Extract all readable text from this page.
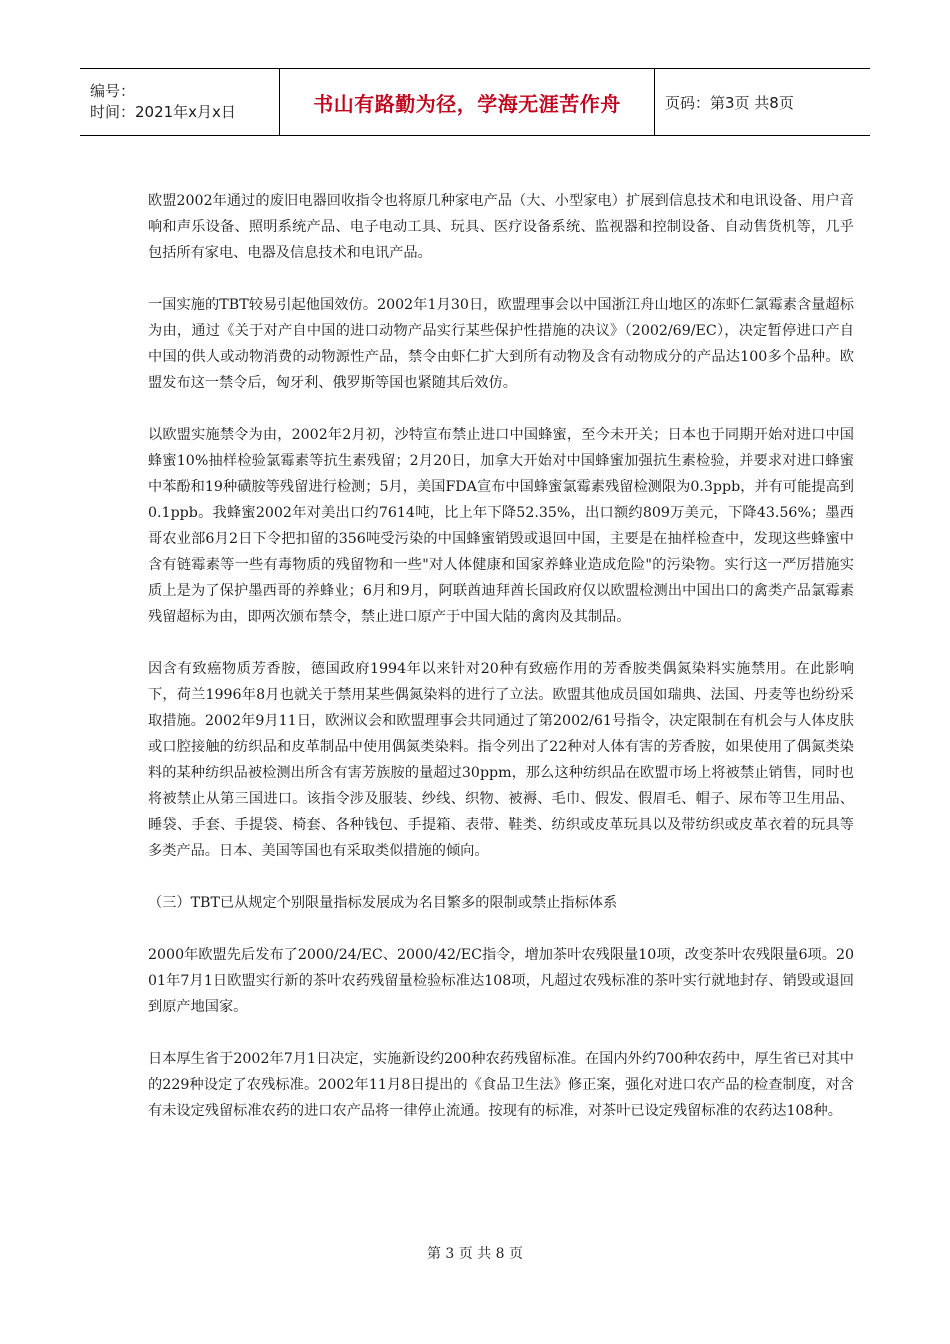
编号：
时间：2021年x月x日	书山有路勤为径，学海无涯苦作舟	页码：第3页 共8页

欧盟2002年通过的废旧电器回收指令也将原几种家电产品（大、小型家电）扩展到信息技术和电讯设备、用户音响和声乐设备、照明系统产品、电子电动工具、玩具、医疗设备系统、监视器和控制设备、自动售货机等，几乎包括所有家电、电器及信息技术和电讯产品。

一国实施的TBT较易引起他国效仿。2002年1月30日，欧盟理事会以中国浙江舟山地区的冻虾仁氯霉素含量超标为由，通过《关于对产自中国的进口动物产品实行某些保护性措施的决议》（2002/69/EC），决定暂停进口产自中国的供人或动物消费的动物源性产品，禁令由虾仁扩大到所有动物及含有动物成分的产品达100多个品种。欧盟发布这一禁令后，匈牙利、俄罗斯等国也紧随其后效仿。

以欧盟实施禁令为由，2002年2月初，沙特宣布禁止进口中国蜂蜜，至今未开关；日本也于同期开始对进口中国蜂蜜10%抽样检验氯霉素等抗生素残留；2月20日，加拿大开始对中国蜂蜜加强抗生素检验，并要求对进口蜂蜜中苯酚和19种磺胺等残留进行检测；5月，美国FDA宣布中国蜂蜜氯霉素残留检测限为0.3ppb，并有可能提高到0.1ppb。我蜂蜜2002年对美出口约7614吨，比上年下降52.35%，出口额约809万美元，下降43.56%；墨西哥农业部6月2日下令把扣留的356吨受污染的中国蜂蜜销毁或退回中国，主要是在抽样检查中，发现这些蜂蜜中含有链霉素等一些有毒物质的残留物和一些"对人体健康和国家养蜂业造成危险"的污染物。实行这一严厉措施实质上是为了保护墨西哥的养蜂业；6月和9月，阿联酋迪拜酋长国政府仅以欧盟检测出中国出口的禽类产品氯霉素残留超标为由，即两次颁布禁令，禁止进口原产于中国大陆的禽肉及其制品。

因含有致癌物质芳香胺，德国政府1994年以来针对20种有致癌作用的芳香胺类偶氮染料实施禁用。在此影响下，荷兰1996年8月也就关于禁用某些偶氮染料的进行了立法。欧盟其他成员国如瑞典、法国、丹麦等也纷纷采取措施。2002年9月11日，欧洲议会和欧盟理事会共同通过了第2002/61号指令，决定限制在有机会与人体皮肤或口腔接触的纺织品和皮革制品中使用偶氮类染料。指令列出了22种对人体有害的芳香胺，如果使用了偶氮类染料的某种纺织品被检测出所含有害芳族胺的量超过30ppm，那么这种纺织品在欧盟市场上将被禁止销售，同时也将被禁止从第三国进口。该指令涉及服装、纱线、织物、被褥、毛巾、假发、假眉毛、帽子、尿布等卫生用品、睡袋、手套、手提袋、椅套、各种钱包、手提箱、表带、鞋类、纺织或皮革玩具以及带纺织或皮革衣着的玩具等多类产品。日本、美国等国也有采取类似措施的倾向。

（三）TBT已从规定个别限量指标发展成为名目繁多的限制或禁止指标体系

2000年欧盟先后发布了2000/24/EC、2000/42/EC指令，增加茶叶农残限量10项，改变茶叶农残限量6项。2001年7月1日欧盟实行新的茶叶农药残留量检验标准达108项，凡超过农残标准的茶叶实行就地封存、销毁或退回到原产地国家。

日本厚生省于2002年7月1日决定，实施新设约200种农药残留标准。在国内外约700种农药中，厚生省已对其中的229种设定了农残标准。2002年11月8日提出的《食品卫生法》修正案，强化对进口农产品的检查制度，对含有未设定残留标准农药的进口农产品将一律停止流通。按现有的标准，对茶叶已设定残留标准的农药达108种。

第 3 页 共 8 页
